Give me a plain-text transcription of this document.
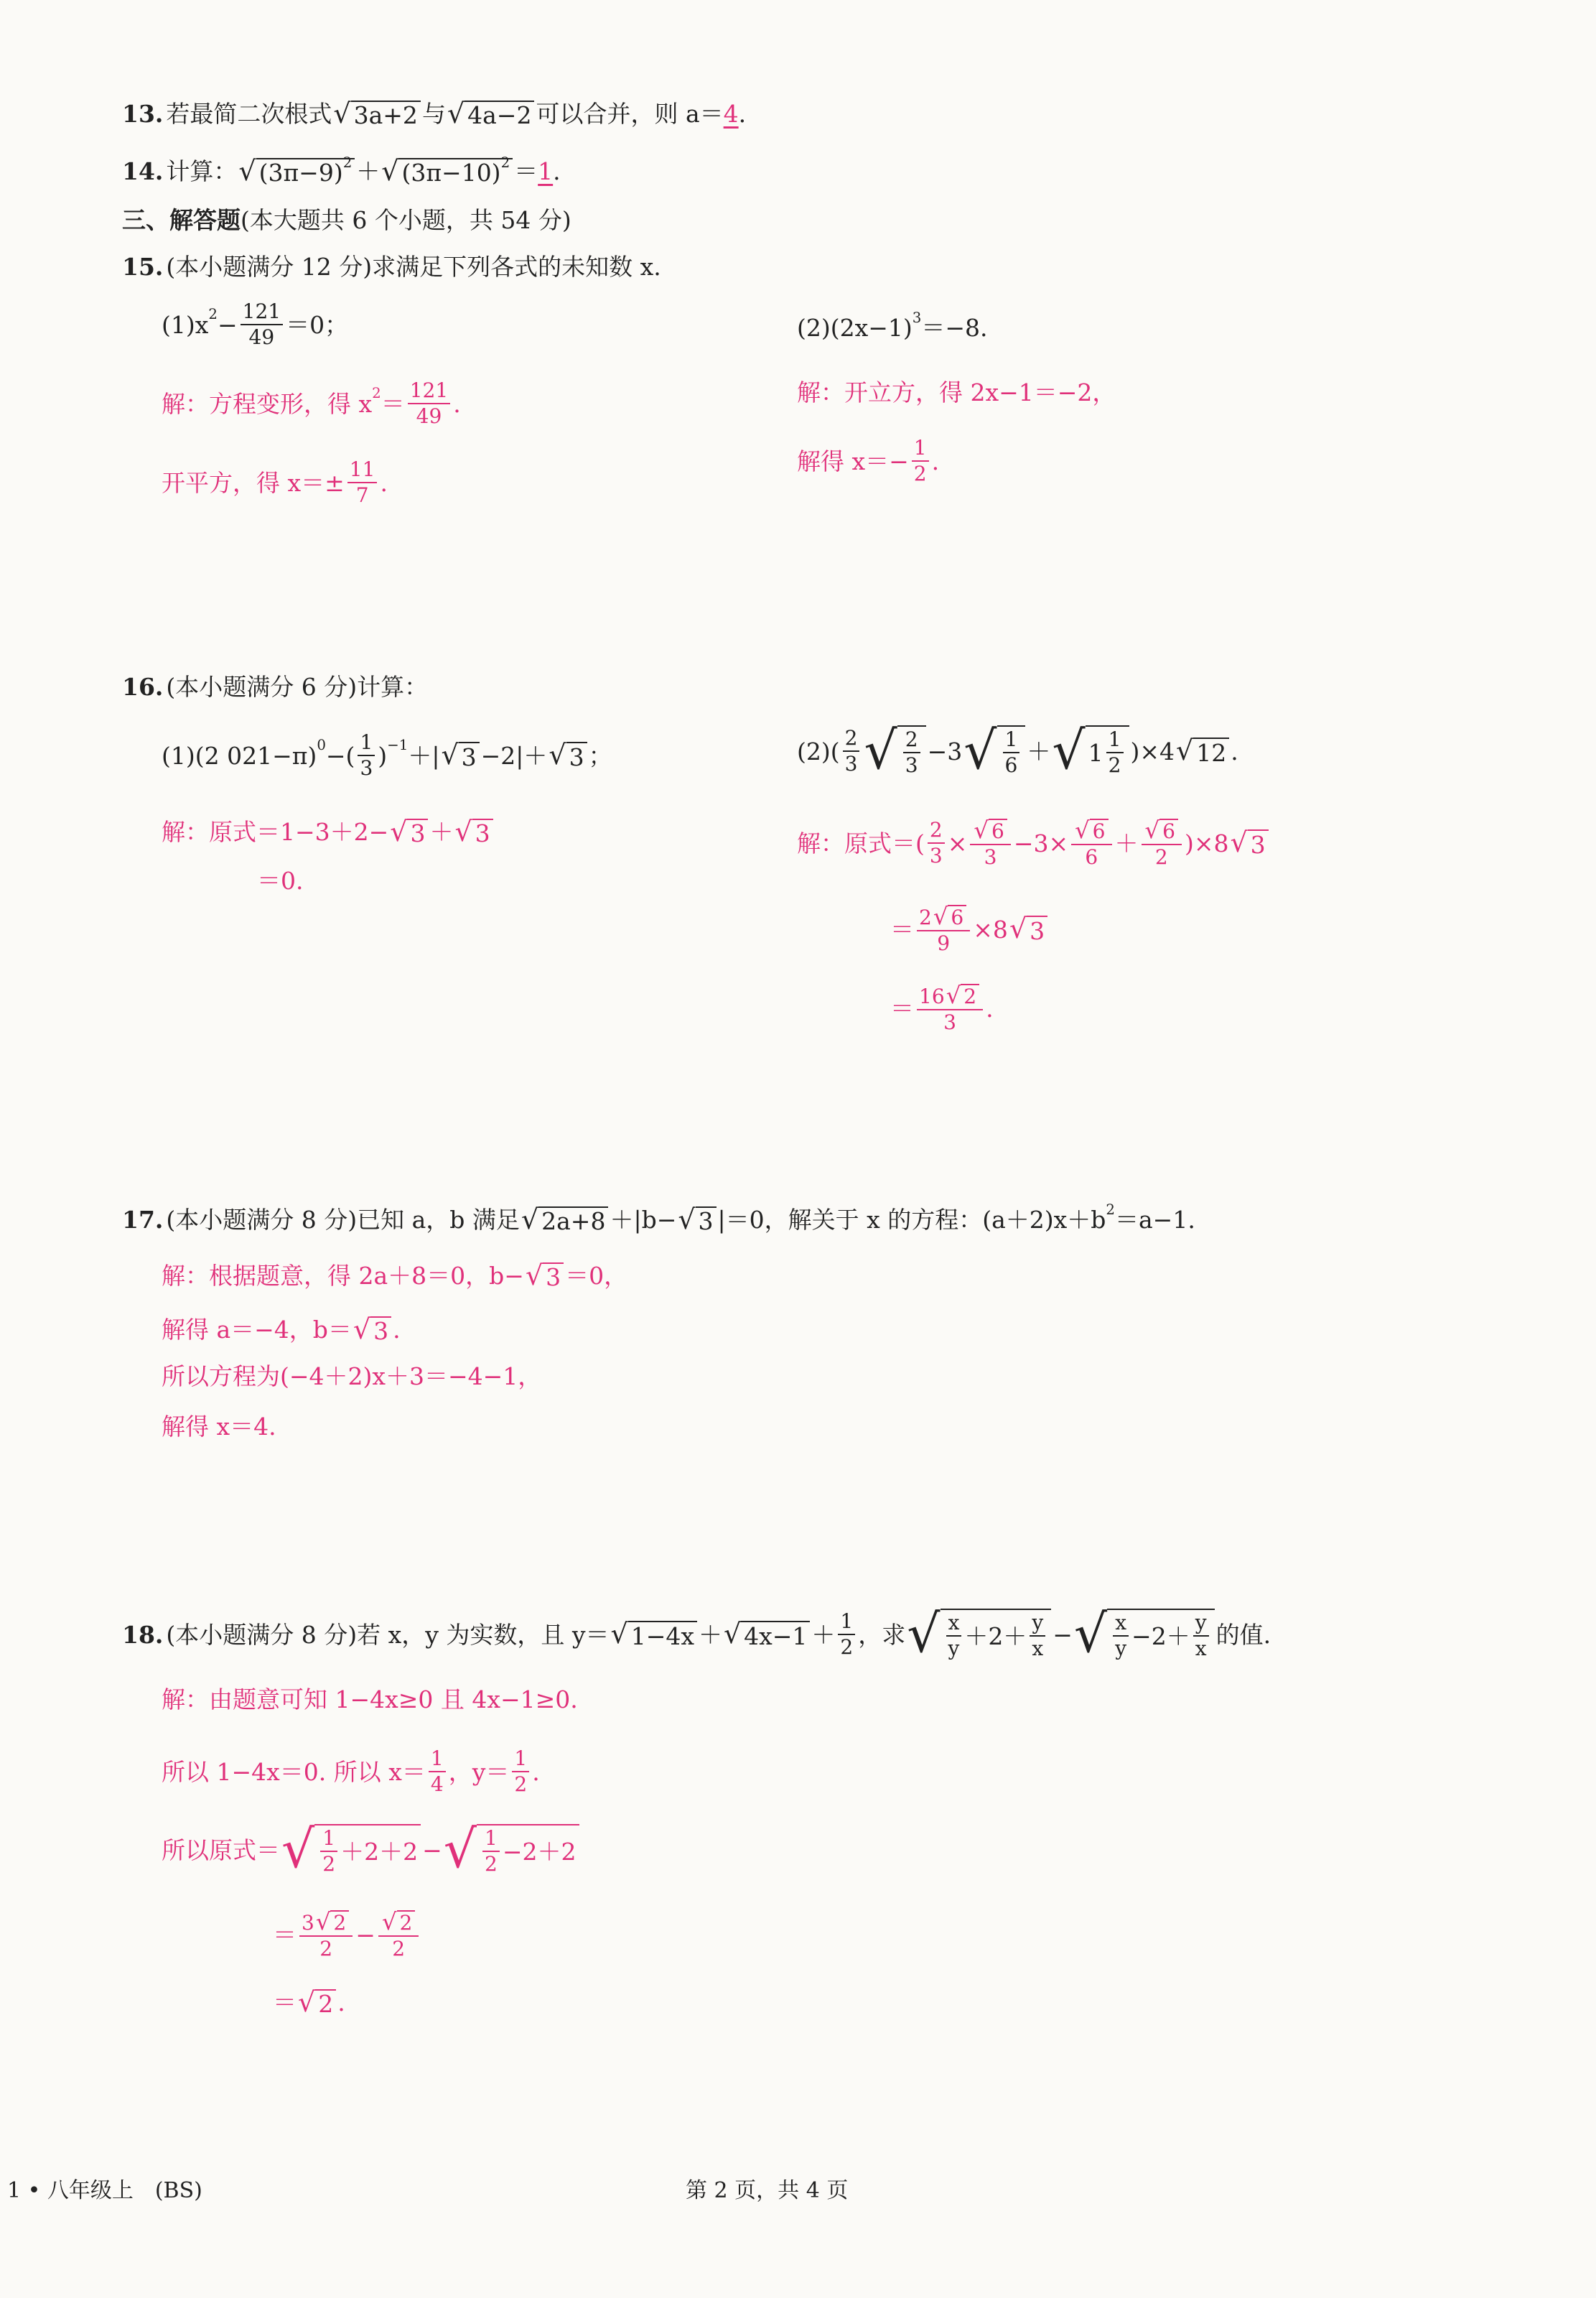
13. 若最简二次根式 √ 3a+2 与 √ 4a−2 可以合并，则 a＝ 4 .
14. 计算： √ (3π−9) 2 ＋ √ (3π−10) 2 ＝ 1 .
三、解答题 (本大题共 6 个小题，共 54 分)
15. (本小题满分 12 分)求满足下列各式的未知数 x.
(1)x $2 - \frac{121}{49} =0$；	(2)(2x−1) 3 ＝−8.
解：方程变形，得 x $2 = \frac{121}{49}$ .
开平方，得 $x=\pm \frac{11}{7}$ .
解：开立方，得 2x−1＝−2，
解得 $x=- \frac{1}{2}$ .
16. (本小题满分 6 分)计算：
(1)(2 021−π) 0 −( $\frac{1}{3}$ ) −1 ＋| √ 3 −2|＋ √ 3 ；	$(2)( \frac{2}{3}$ √ $\frac{2}{3} -3$ √ $\frac{1}{6}$ ＋ √ $1 \frac{1}{2} )\times 4$ √ 12 .
解：原式＝1−3＋2− √ 3 ＋ √ 3
＝0.
解：原式＝( $\frac{2}{3} \times \frac{√ 6}{3} -3\times \frac{√ 6}{6} + \frac{√ 6}{2} )\times 8$ √ 3
＝ $\frac{2 √ 6}{9} \times 8$ √ 3
＝ $\frac{16 √ 2}{3}$ .
17. (本小题满分 8 分)已知 a，b 满足 √ 2a+8 ＋|b− √ 3 |＝0，解关于 x 的方程：(a＋2)x＋b 2 ＝a−1.
解：根据题意，得 2a＋8＝0，b− √ 3 ＝0，
解得 a＝−4，b＝ √ 3 .
所以方程为(−4＋2)x＋3＝−4−1，
解得 x＝4.
18. (本小题满分 8 分)若 x，y 为实数，且 y＝ √ 1−4x ＋ √ $4x-1 + \frac{1}{2}$ ，求 √ $\frac{x}{y} +2+ \frac{y}{x}$ − √ $\frac{x}{y} -2+ \frac{y}{x}$ 的值.
解：由题意可知 1−4x≥0 且 4x−1≥0.
所以 1−4x＝0. 所以 $x= \frac{1}{4}$ ，$y= \frac{1}{2}$ .
所以原式＝ √ $\frac{1}{2} +2+2$ − √ $\frac{1}{2} -2+2$
＝ $\frac{3 √ 2}{2} - \frac{√ 2}{2}$
＝ √ 2 .
1 • 八年级上　(BS)	第 2 页，共 4 页
